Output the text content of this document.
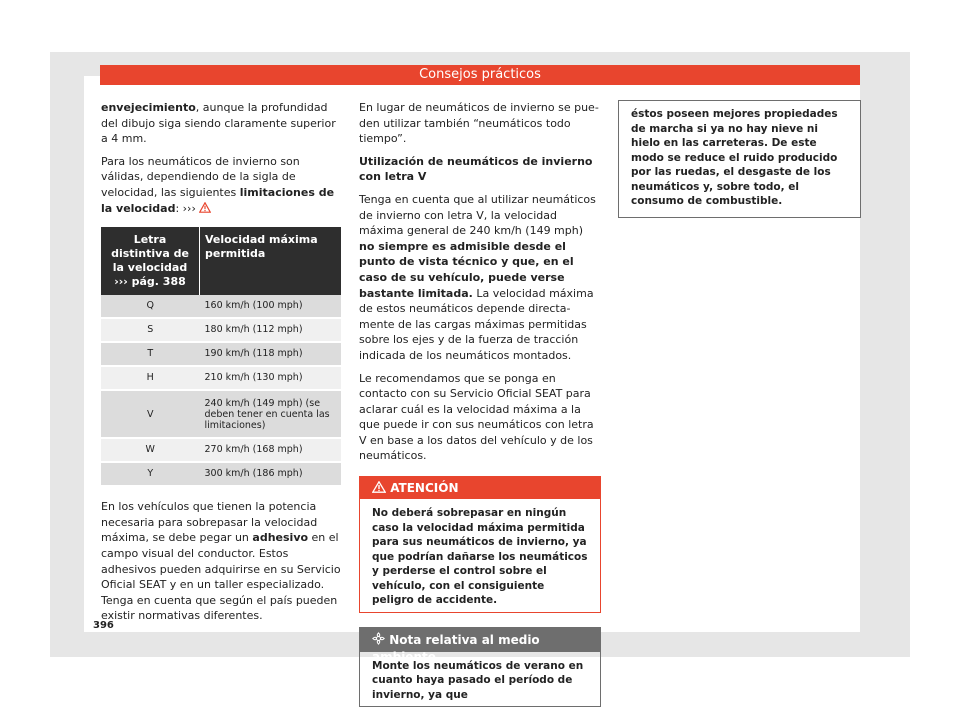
Consejos prácticos

envejecimiento, aunque la profundidad del dibujo siga siendo claramente superior a 4 mm.

Para los neumáticos de invierno son válidas, dependiendo de la sigla de velocidad, las siguientes limitaciones de la velocidad: ›››

Letra distintiva de la velocidad ››› pág. 388	Velocidad máxima permitida
Q	160 km/h (100 mph)
S	180 km/h (112 mph)
T	190 km/h (118 mph)
H	210 km/h (130 mph)
V	240 km/h (149 mph) (se deben tener en cuenta las limitaciones)
W	270 km/h (168 mph)
Y	300 km/h (186 mph)

En los vehículos que tienen la potencia necesaria para sobrepasar la velocidad máxima, se debe pegar un adhesivo en el campo visual del conductor. Estos adhesivos pueden adquirirse en su Servicio Oficial SEAT y en un taller especializado. Tenga en cuenta que según el país pueden existir normativas diferentes.

En lugar de neumáticos de invierno se pueden utilizar también “neumáticos todo tiempo”.

Utilización de neumáticos de invierno con letra V

Tenga en cuenta que al utilizar neumáticos de invierno con letra V, la velocidad máxima general de 240 km/h (149 mph) no siempre es admisible desde el punto de vista técnico y que, en el caso de su vehículo, puede verse bastante limitada. La velocidad máxima de estos neumáticos depende directamente de las cargas máximas permitidas sobre los ejes y de la fuerza de tracción indicada de los neumáticos montados.

Le recomendamos que se ponga en contacto con su Servicio Oficial SEAT para aclarar cuál es la velocidad máxima a la que puede ir con sus neumáticos con letra V en base a los datos del vehículo y de los neumáticos.

ATENCIÓN
No deberá sobrepasar en ningún caso la velocidad máxima permitida para sus neumáticos de invierno, ya que podrían dañarse los neumáticos y perderse el control sobre el vehículo, con el consiguiente peligro de accidente.
Nota relativa al medio ambiente
Monte los neumáticos de verano en cuanto haya pasado el período de invierno, ya que
éstos poseen mejores propiedades de marcha si ya no hay nieve ni hielo en las carreteras. De este modo se reduce el ruido producido por las ruedas, el desgaste de los neumáticos y, sobre todo, el consumo de combustible.
396
